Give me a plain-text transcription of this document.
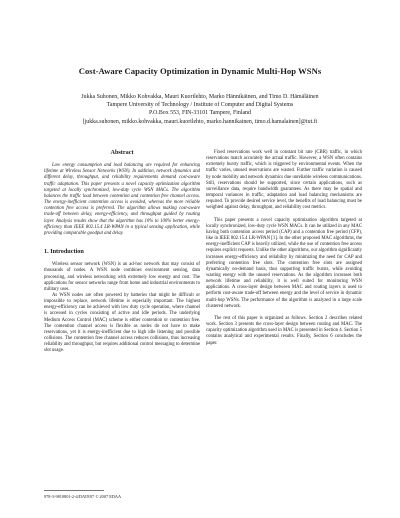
Cost-Aware Capacity Optimization in Dynamic Multi-Hop WSNs
Jukka Suhonen, Mikko Kohvakka, Mauri Kuorilehto, Marko Hännikäinen, and Timo D. Hämäläinen
Tampere University of Technology / Institute of Computer and Digital Systems
P.O.Box 553, FIN-33101 Tampere, Finland
[jukka.suhonen, mikko.kohvakka, mauri.kuorilehto, marko.hannikainen, timo.d.hamalainen]@tut.fi
Abstract

Low energy consumption and load balancing are required for enhancing lifetime at Wireless Sensor Networks (WSN). In addition, network dynamics and different delay, throughput, and reliability requirements demand cost-aware traffic adaptation. This paper presents a novel capacity optimization algorithm targeted at locally synchronized, low-duty cycle WSN MACs. The algorithm balances the traffic load between contention and contention free channel access. The energy-inefficient contention access is avoided, whereas the more reliable contention free access is preferred. The algorithm allows making cost-aware trade-off between delay, energy-efficiency, and throughput guided by routing layer. Analysis results show that the algorithm has 10% to 100% better energy-efficiency than IEEE 802.15.4 LR-WPAN in a typical sensing application, while providing comparable goodput and delay.

1. Introduction

Wireless sensor network (WSN) is an ad-hoc network that may consist of thousands of nodes. A WSN node combines environment sensing, data processing, and wireless networking with extremely low energy and cost. The applications for sensor networks range from home and industrial environments to military uses.

As WSN nodes are often powered by batteries that might be difficult or impossible to replace, network lifetime is especially important. The highest energy-efficiency can be achieved with low duty cycle operation, where channel is accessed in cycles consisting of active and idle periods. The underlying Medium Access Control (MAC) scheme is either contention or contention free. The contention channel access is flexible as nodes do not have to make reservations, yet it is energy-inefficient due to high idle listening and possible collisions. The contention free channel access reduces collisions, thus increasing reliability and throughput, but requires additional control messaging to determine slot usage.

Fixed reservations work well in constant bit rate (CBR) traffic, in which reservations match accurately the actual traffic. However, a WSN often contains extremely bursty traffic, which is triggered by environmental events. When the traffic varies, unused reservations are wasted. Further traffic variation is caused by node mobility and network dynamics due unreliable wireless communications. Still, reservations should be supported, since certain applications, such as surveillance data, require bandwidth guarantees. As there may be spatial and temporal variances in traffic, adaptation and load balancing mechanisms are required. To provide desired service level, the benefits of load balancing must be weighted against delay, throughput, and reliability cost metrics.

This paper presents a novel capacity optimization algorithm targeted at locally synchronized, low-duty cycle WSN MACs. It can be utilized in any MAC having both contention access period (CAP) and a contention free period (CFP), like in IEEE 802.15.4 LR-WPAN [1]. In the other proposed MAC algorithms, the energy-inefficient CAP is heavily utilized, while the use of contention free access requires explicit requests. Unlike the other algorithms, our algorithm significantly increases energy-efficiency and reliability by minimizing the need for CAP and preferring contention free slots. The contention free slots are assigned dynamically on-demand basis, thus supporting traffic bursts, while avoiding wasting energy with the unused reservations. As the algorithm increases both network lifetime and reliability, it is well suited for monitoring WSN applications. A cross-layer design between MAC and routing layers is used to perform cost-aware trade-off between energy and the level of service in dynamic multi-hop WSNs. The performance of the algorithm is analyzed in a large scale clustered network.

The rest of this paper is organized as follows. Section 2 describes related work. Section 3 presents the cross-layer design between routing and MAC. The capacity optimization algorithm used in MAC is presented in Section 4. Section 5 contains analytical and experimental results. Finally, Section 6 concludes the paper.

978-3-9810801-2-4/DATE07 © 2007 EDAA
